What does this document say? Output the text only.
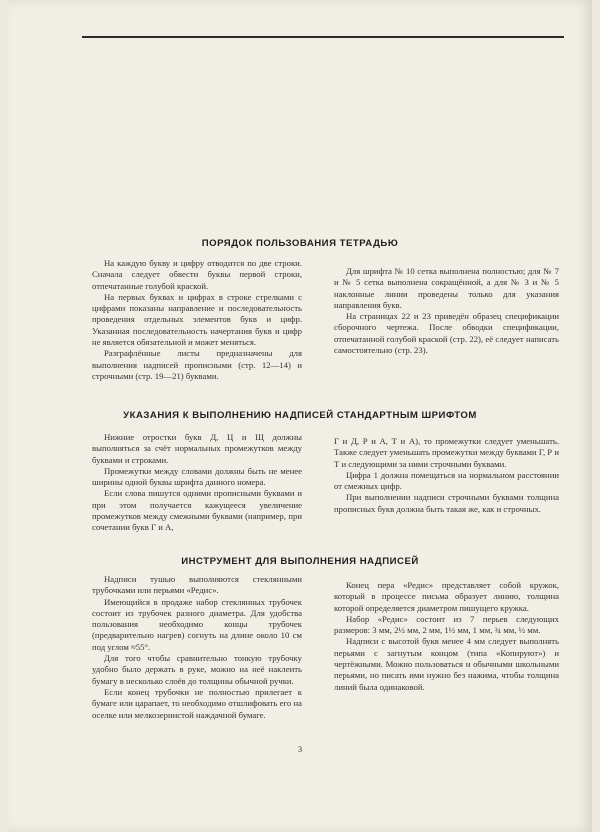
ПОРЯДОК ПОЛЬЗОВАНИЯ ТЕТРАДЬЮ

На каждую букву и цифру отводится по две строки. Сначала следует обвести буквы первой строки, отпечатанные голубой краской.

На первых буквах и цифрах в строке стрелками с цифрами показаны направление и последовательность проведения отдельных элементов букв и цифр. Указанная последовательность начертания букв и цифр не является обязательной и может меняться.

Разграфлённые листы предназначены для выполнения надписей прописными (стр. 12—14) и строчными (стр. 19—21) буквами.

Для шрифта № 10 сетка выполнена полностью; для № 7 и № 5 сетка выполнена сокращённой, а для № 3 и № 5 наклонные линии проведены только для указания направления букв.

На страницах 22 и 23 приведён образец спецификации сборочного чертежа. После обводки спецификации, отпечатанной голубой краской (стр. 22), её следует написать самостоятельно (стр. 23).

УКАЗАНИЯ К ВЫПОЛНЕНИЮ НАДПИСЕЙ СТАНДАРТНЫМ ШРИФТОМ

Нижние отростки букв Д, Ц и Щ должны выполняться за счёт нормальных промежутков между буквами и строками.

Промежутки между словами должны быть не менее ширины одной буквы шрифта данного номера.

Если слова пишутся одними прописными буквами и при этом получается кажущееся увеличение промежутков между смежными буквами (например, при сочетании букв Г и А,

Г и Д, Р и А, Т и А), то промежутки следует уменьшать. Также следует уменьшать промежутки между буквами Г, Р и Т и следующими за ними строчными буквами.

Цифра 1 должна помещаться на нормальном расстоянии от смежных цифр.

При выполнении надписи строчными буквами толщина прописных букв должна быть такая же, как и строчных.

ИНСТРУМЕНТ ДЛЯ ВЫПОЛНЕНИЯ НАДПИСЕЙ

Надписи тушью выполняются стеклянными трубочками или перьями «Редис».

Имеющийся в продаже набор стеклянных трубочек состоит из трубочек разного диаметра. Для удобства пользования необходимо концы трубочек (предварительно нагрев) согнуть на длине около 10 см под углом ≈55°.

Для того чтобы сравнительно тонкую трубочку удобно было держать в руке, можно на неё наклеить бумагу в несколько слоёв до толщины обычной ручки.

Если конец трубочки не полностью прилегает к бумаге или царапает, то необходимо отшлифовать его на оселке или мелкозернистой наждачной бумаге.

Конец пера «Редис» представляет собой кружок, который в процессе письма образует линию, толщина которой определяется диаметром пишущего кружка.

Набор «Редис» состоит из 7 перьев следующих размеров: 3 мм, 2½ мм, 2 мм, 1½ мм, 1 мм, ¾ мм, ½ мм.

Надписи с высотой букв менее 4 мм следует выполнять перьями с загнутым концом (типа «Копируют») и чертёжными. Можно пользоваться и обычными школьными перьями, но писать ими нужно без нажима, чтобы толщина линий была одинаковой.

3
